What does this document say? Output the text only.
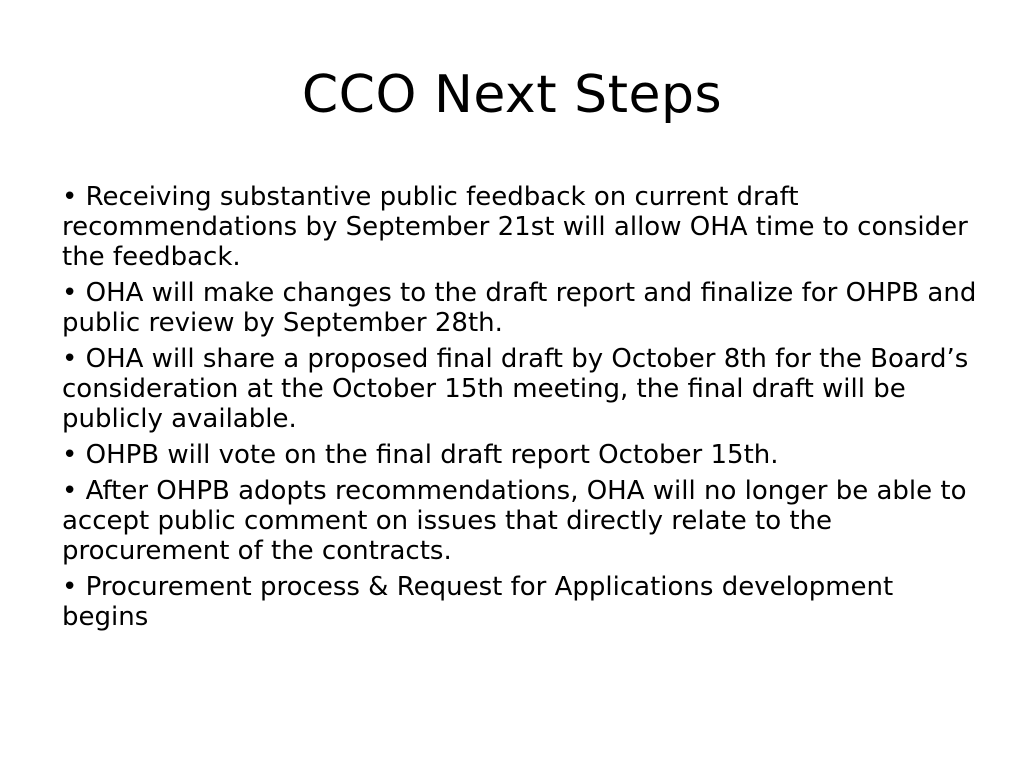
CCO Next Steps
• Receiving substantive public feedback on current draft recommendations by September 21st will allow OHA time to consider the feedback.
• OHA will make changes to the draft report and finalize for OHPB and public review by September 28th.
• OHA will share a proposed final draft by October 8th for the Board’s consideration at the October 15th meeting, the final draft will be publicly available.
• OHPB will vote on the final draft report October 15th.
• After OHPB adopts recommendations, OHA will no longer be able to accept public comment on issues that directly relate to the procurement of the contracts.
• Procurement process & Request for Applications development begins
